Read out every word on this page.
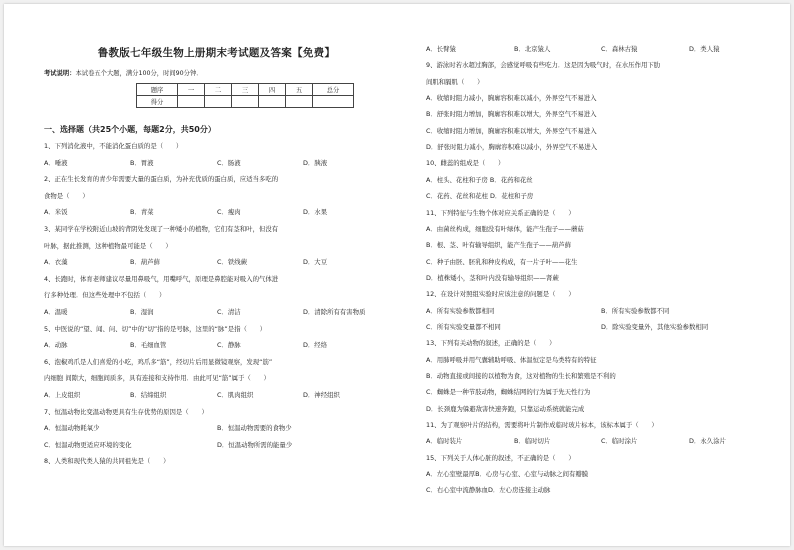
鲁教版七年级生物上册期末考试题及答案【免费】
考试说明：本试卷五个大题，满分100分，时间90分钟．
题序	一	二	三	四	五	总分
得分						
一、选择题（共25个小题，每题2分，共50分）
1、下列消化液中，不能消化蛋白质的是（　　）
A．唾液	B．胃液	C．肠液	D．胰液
2、正在生长发育的青少年需要大量的蛋白质，为补充优质的蛋白质，应适当多吃的
食物是（　　）
A．米饭	B．青菜	C．瘦肉	D．水果
3、某同学在学校附近山坡的背阴处发现了一种矮小的植物，它们有茎和叶，但没有
叶脉，据此推测，这种植物最可能是（　　）
A．衣藻	B．葫芦藓	C．铁线蕨	D．大豆
4、长跑时，体育老师建议尽量用鼻吸气，用嘴呼气，原理是鼻腔能对吸入的气体进
行多种处理．但这些处理中不包括（　　）
A．温暖	B．湿润	C．清洁	D．清除所有有害物质
5、中医说的“望、闻、问、切”中的“切”指的是号脉，这里的“脉”是指（　　）
A．动脉	B．毛细血管	C．静脉	D．经络
6、泡椒鸡爪是人们喜爱的小吃，鸡爪多“筋”，经切片后用显微镜观察，发现“筋”
内细胞 间隙大，细胞间质多，具有连接和支持作用．由此可见“筋”属于（　　）
A．上皮组织	B．结缔组织	C．肌肉组织	D．神经组织
7、恒温动物比变温动物更具有生存优势的原因是（　　）
A．恒温动物耗氧少	B．恒温动物需要的食物少
C．恒温动物更适应环境的变化	D．恒温动物所需的能量少
8、人类和现代类人猿的共同祖先是（　　）
A．长臂猿	B．北京猿人	C．森林古猿	D．类人猿
9、游泳时若水超过胸部，会感觉呼吸有些吃力．这是因为吸气时，在水压作用下肋
间肌和膈肌（　　）
A．收缩时阻力减小，胸廓容积难以减小，外界空气不易进入
B．舒张时阻力增加，胸廓容积难以增大，外界空气不易进入
C．收缩时阻力增加，胸廓容积难以增大，外界空气不易进入
D．舒张时阻力减小，胸廓容积难以减小，外界空气不易进入
10、雌蕊的组成是（　　）
A．柱头、花柱和子房 B．花药和花丝
C．花药、花丝和花柱 D．花柱和子房
11、下列特征与生物个体对应关系正确的是（　　）
A．由菌丝构成，细胞没有叶绿体，能产生孢子——蘑菇
B．根、茎、叶有输导组织，能产生孢子——葫芦藓
C．种子由胚、胚乳和种皮构成，有一片子叶——花生
D．植株矮小，茎和叶内没有输导组织——肾蕨
12、在设计对照组实验时应该注意的问题是（　　）
A．所有实验参数都相同	B．所有实验参数都不同
C．所有实验变量都不相同	D．除实验变量外，其他实验参数相同
13、下列有关动物的叙述，正确的是（　　）
A．用肺呼吸并用气囊辅助呼吸、体温恒定是鸟类特有的特征
B．动物直接或间接的以植物为食，这对植物的生长和繁殖是不利的
C．蜘蛛是一种节肢动物，蜘蛛结网的行为属于先天性行为
D．长颈鹿为躲避敌害快速奔跑，只靠运动系统就能完成
11、为了观察叶片的结构，需要将叶片制作成临时玻片标本，该标本属于（　　）
A．临时装片	B．临时切片	C．临时涂片	D．永久涂片
15、下列关于人体心脏的叙述，不正确的是（　　）
A．左心室壁最厚B．心房与心室、心室与动脉之间有瓣膜
C．右心室中流静脉血D．左心房连接主动脉
